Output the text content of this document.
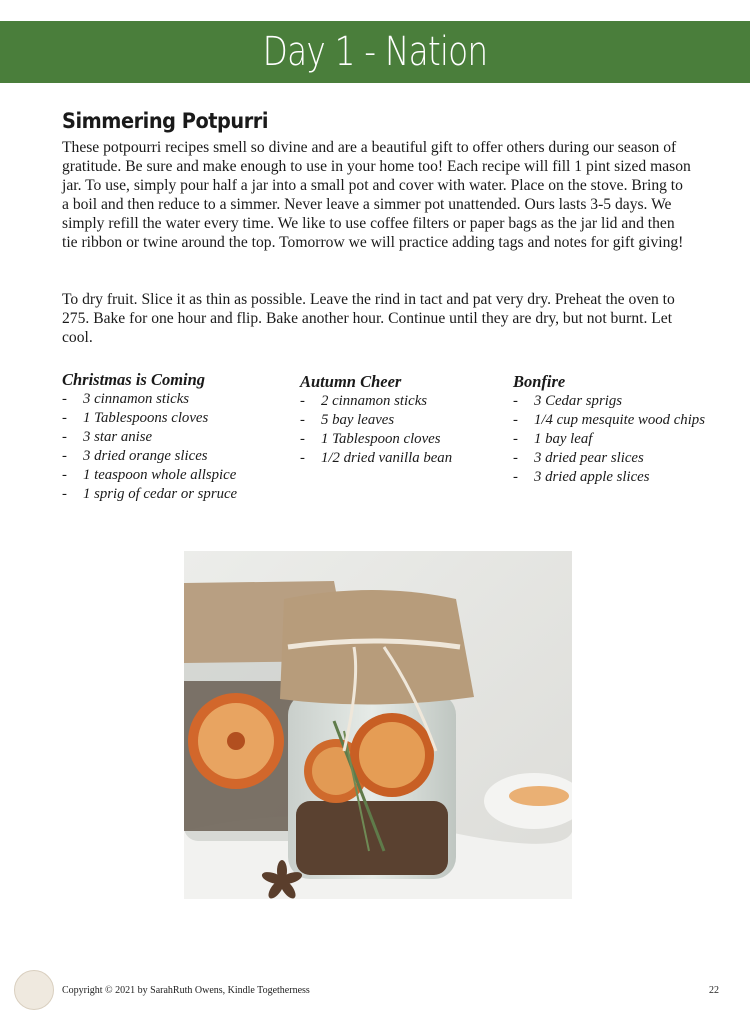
Day 1 - Nation
Simmering Potpurri

These potpourri recipes smell so divine and are a beautiful gift to offer others during our season of gratitude. Be sure and make enough to use in your home too! Each recipe will fill 1 pint sized mason jar. To use, simply pour half a jar into a small pot and cover with water. Place on the stove. Bring to a boil and then reduce to a simmer. Never leave a simmer pot unattended. Ours lasts 3-5 days. We simply refill the water every time. We like to use coffee filters or paper bags as the jar lid and then tie ribbon or twine around the top. Tomorrow we will practice adding tags and notes for gift giving!

To dry fruit. Slice it as thin as possible. Leave the rind in tact and pat very dry. Preheat the oven to 275. Bake for one hour and flip. Bake another hour. Continue until they are dry, but not burnt. Let cool.

Christmas is Coming
- 3 cinnamon sticks
- 1 Tablespoons cloves
- 3 star anise
- 3 dried orange slices
- 1 teaspoon whole allspice
- 1 sprig of cedar or spruce
Autumn Cheer
- 2 cinnamon sticks
- 5 bay leaves
- 1 Tablespoon cloves
- 1/2 dried vanilla bean
Bonfire
- 3 Cedar sprigs
- 1/4 cup mesquite wood chips
- 1 bay leaf
- 3 dried pear slices
- 3 dried apple slices
Copyright © 2021 by SarahRuth Owens, Kindle Togetherness	22
